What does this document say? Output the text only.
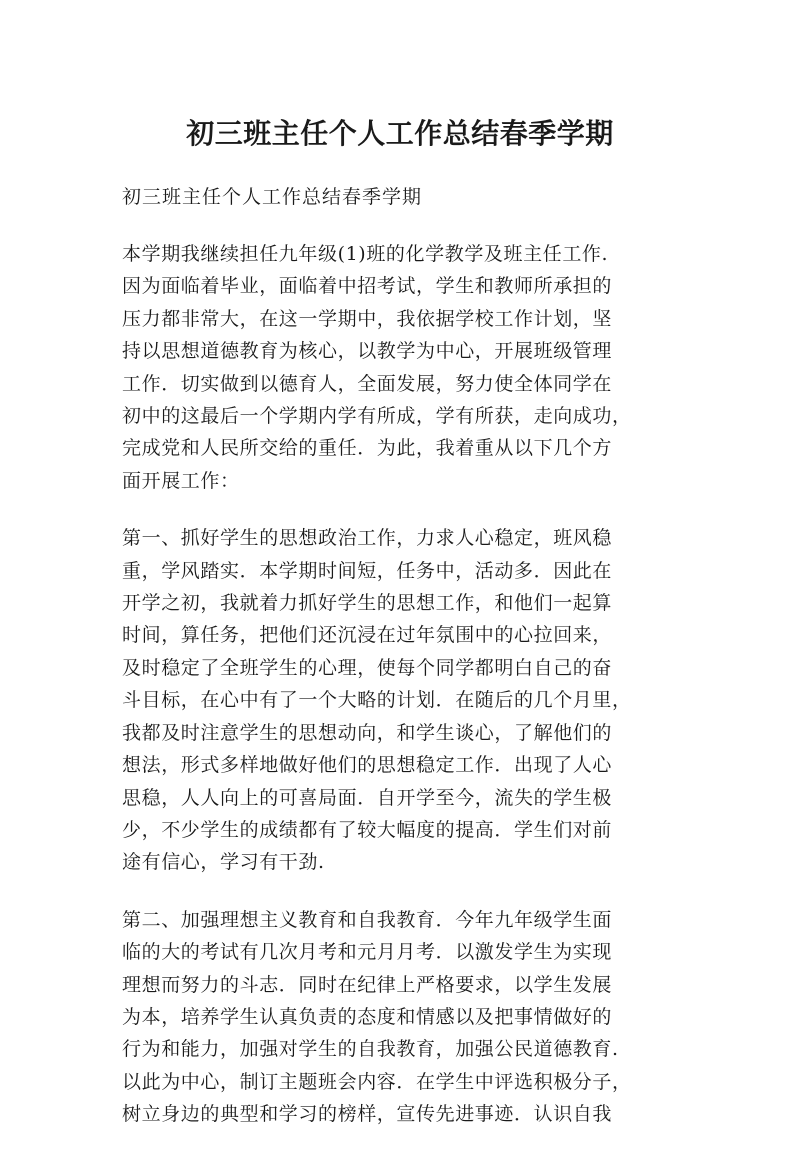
初三班主任个人工作总结春季学期

初三班主任个人工作总结春季学期

本学期我继续担任九年级(1)班的化学教学及班主任工作.
因为面临着毕业，面临着中招考试，学生和教师所承担的
压力都非常大，在这一学期中，我依据学校工作计划，坚
持以思想道德教育为核心，以教学为中心，开展班级管理
工作．切实做到以德育人，全面发展，努力使全体同学在
初中的这最后一个学期内学有所成，学有所获，走向成功，
完成党和人民所交给的重任．为此，我着重从以下几个方
面开展工作：
第一、抓好学生的思想政治工作，力求人心稳定，班风稳
重，学风踏实．本学期时间短，任务中，活动多．因此在
开学之初，我就着力抓好学生的思想工作，和他们一起算
时间，算任务，把他们还沉浸在过年氛围中的心拉回来，
及时稳定了全班学生的心理，使每个同学都明白自己的奋
斗目标，在心中有了一个大略的计划．在随后的几个月里，
我都及时注意学生的思想动向，和学生谈心，了解他们的
想法，形式多样地做好他们的思想稳定工作．出现了人心
思稳，人人向上的可喜局面．自开学至今，流失的学生极
少，不少学生的成绩都有了较大幅度的提高．学生们对前
途有信心，学习有干劲.
第二、加强理想主义教育和自我教育．今年九年级学生面
临的大的考试有几次月考和元月月考．以激发学生为实现
理想而努力的斗志．同时在纪律上严格要求，以学生发展
为本，培养学生认真负责的态度和情感以及把事情做好的
行为和能力，加强对学生的自我教育，加强公民道德教育.
以此为中心，制订主题班会内容．在学生中评选积极分子，
树立身边的典型和学习的榜样，宣传先进事迹．认识自我
